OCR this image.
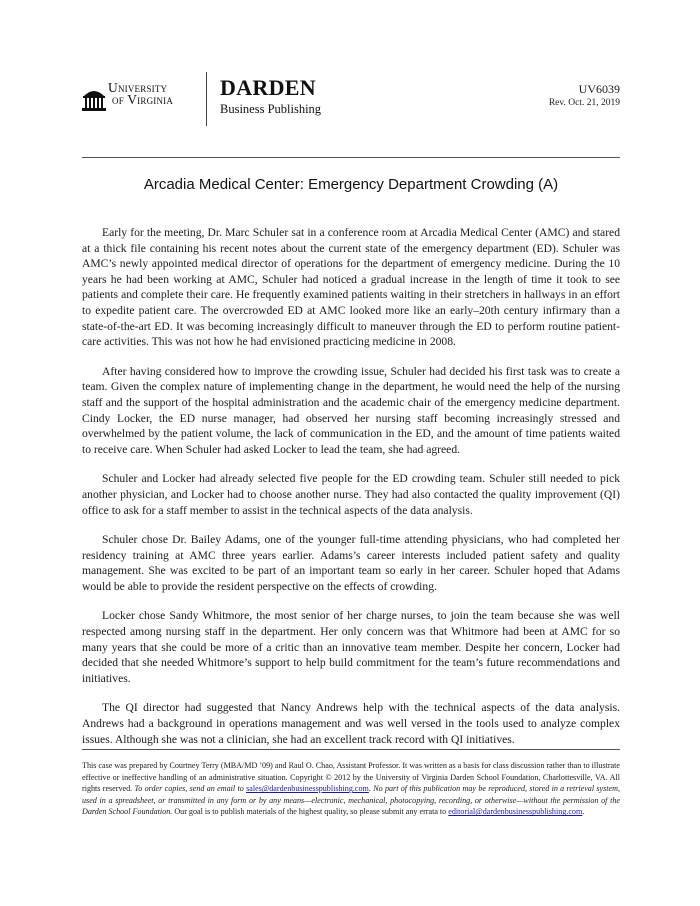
University
of Virginia DARDEN
Business Publishing
UV6039
Rev. Oct. 21, 2019
Arcadia Medical Center: Emergency Department Crowding (A)

Early for the meeting, Dr. Marc Schuler sat in a conference room at Arcadia Medical Center (AMC) and stared at a thick file containing his recent notes about the current state of the emergency department (ED). Schuler was AMC’s newly appointed medical director of operations for the department of emergency medicine. During the 10 years he had been working at AMC, Schuler had noticed a gradual increase in the length of time it took to see patients and complete their care. He frequently examined patients waiting in their stretchers in hallways in an effort to expedite patient care. The overcrowded ED at AMC looked more like an early–20th century infirmary than a state-of-the-art ED. It was becoming increasingly difficult to maneuver through the ED to perform routine patient-care activities. This was not how he had envisioned practicing medicine in 2008.

After having considered how to improve the crowding issue, Schuler had decided his first task was to create a team. Given the complex nature of implementing change in the department, he would need the help of the nursing staff and the support of the hospital administration and the academic chair of the emergency medicine department. Cindy Locker, the ED nurse manager, had observed her nursing staff becoming increasingly stressed and overwhelmed by the patient volume, the lack of communication in the ED, and the amount of time patients waited to receive care. When Schuler had asked Locker to lead the team, she had agreed.

Schuler and Locker had already selected five people for the ED crowding team. Schuler still needed to pick another physician, and Locker had to choose another nurse. They had also contacted the quality improvement (QI) office to ask for a staff member to assist in the technical aspects of the data analysis.

Schuler chose Dr. Bailey Adams, one of the younger full-time attending physicians, who had completed her residency training at AMC three years earlier. Adams’s career interests included patient safety and quality management. She was excited to be part of an important team so early in her career. Schuler hoped that Adams would be able to provide the resident perspective on the effects of crowding.

Locker chose Sandy Whitmore, the most senior of her charge nurses, to join the team because she was well respected among nursing staff in the department. Her only concern was that Whitmore had been at AMC for so many years that she could be more of a critic than an innovative team member. Despite her concern, Locker had decided that she needed Whitmore’s support to help build commitment for the team’s future recommendations and initiatives.

The QI director had suggested that Nancy Andrews help with the technical aspects of the data analysis. Andrews had a background in operations management and was well versed in the tools used to analyze complex issues. Although she was not a clinician, she had an excellent track record with QI initiatives.

This case was prepared by Courtney Terry (MBA/MD ’09) and Raul O. Chao, Assistant Professor. It was written as a basis for class discussion rather than to illustrate effective or ineffective handling of an administrative situation. Copyright © 2012 by the University of Virginia Darden School Foundation, Charlottesville, VA. All rights reserved. To order copies, send an email to sales@dardenbusinesspublishing.com. No part of this publication may be reproduced, stored in a retrieval system, used in a spreadsheet, or transmitted in any form or by any means—electronic, mechanical, photocopying, recording, or otherwise—without the permission of the Darden School Foundation. Our goal is to publish materials of the highest quality, so please submit any errata to editorial@dardenbusinesspublishing.com.
